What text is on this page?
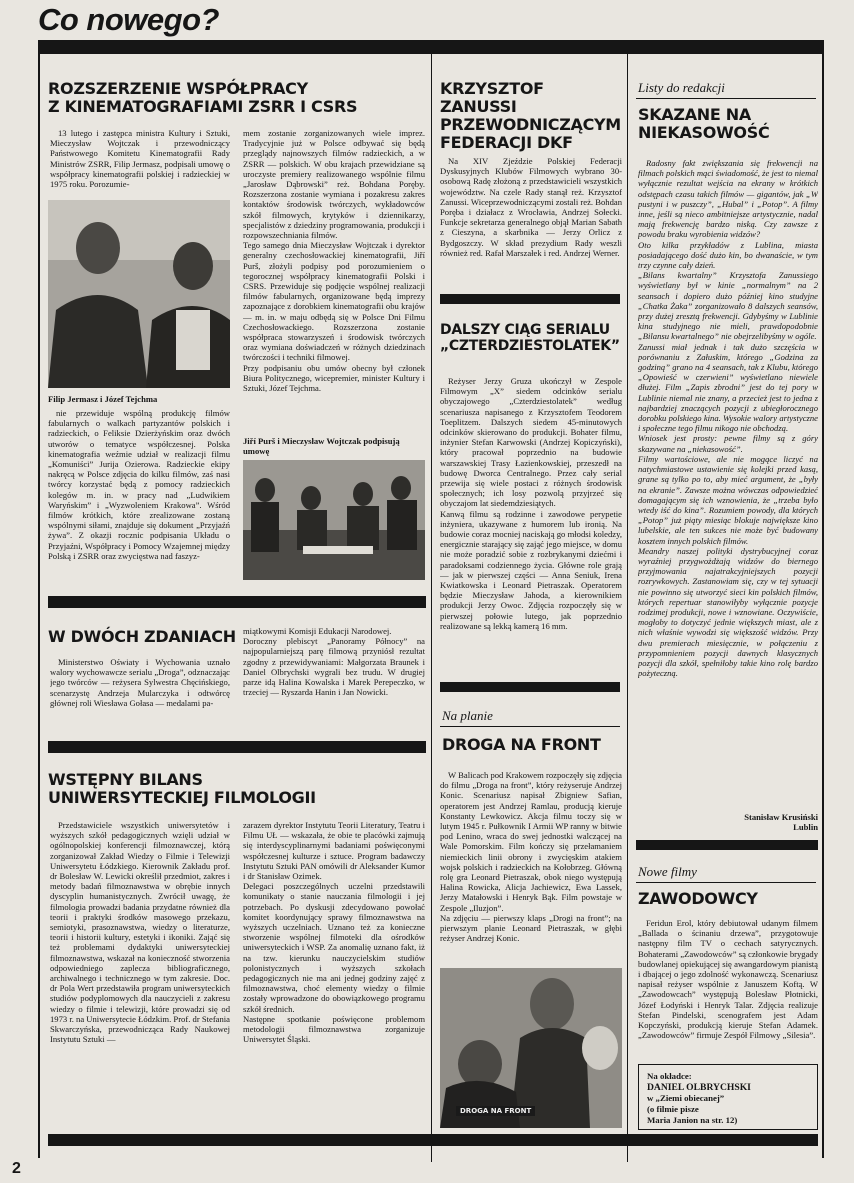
Co nowego?
ROZSZERZENIE WSPÓŁPRACY
Z KINEMATOGRAFIAMI ZSRR I CSRS

13 lutego i zastępca ministra Kultury i Sztuki, Mieczysław Wojtczak i przewodniczący Państwowego Komitetu Kinematografii Rady Ministrów ZSRR, Filip Jermasz, podpisali umowę o współpracy kinematografii polskiej i radzieckiej w 1975 roku. Porozumie-

Filip Jermasz i Józef Tejchma

nie przewiduje wspólną produkcję filmów fabularnych o walkach partyzantów polskich i radzieckich, o Feliksie Dzierżyńskim oraz dwóch utworów o tematyce współczesnej. Polska kinematografia weźmie udział w realizacji filmu „Komuniści” Jurija Ozierowa. Radzieckie ekipy nakręcą w Polsce zdjęcia do kilku filmów, zaś nasi twórcy korzystać będą z pomocy radzieckich kolegów m. in. w pracy nad „Ludwikiem Waryńskim” i „Wyzwoleniem Krakowa”. Wśród filmów krótkich, które zrealizowane zostaną wspólnymi siłami, znajduje się dokument „Przyjaźń żywa”. Z okazji rocznic podpisania Układu o Przyjaźni, Współpracy i Pomocy Wzajemnej między Polską i ZSRR oraz zwycięstwa nad faszyz-

mem zostanie zorganizowanych wiele imprez. Tradycyjnie już w Polsce odbywać się będą przeglądy najnowszych filmów radzieckich, a w ZSRR — polskich. W obu krajach przewidziane są uroczyste premiery realizowanego wspólnie filmu „Jarosław Dąbrowski” reż. Bohdana Poręby. Rozszerzona zostanie wymiana i pozakresu zakres kontaktów środowisk twórczych, wykładowców szkół filmowych, krytyków i dziennikarzy, specjalistów z dziedziny programowania, produkcji i rozpowszechniania filmów.
Tego samego dnia Mieczysław Wojtczak i dyrektor generalny czechosłowackiej kinematografii, Jiří Purš, złożyli podpisy pod porozumieniem o tegorocznej współpracy kinematografii Polski i CSRS. Przewiduje się podjęcie wspólnej realizacji filmów fabularnych, organizowane będą imprezy zapoznające z dorobkiem kinematografii obu krajów — m. in. w maju odbędą się w Polsce Dni Filmu Czechosłowackiego. Rozszerzona zostanie współpraca stowarzyszeń i środowisk twórczych oraz wymiana doświadczeń w różnych dziedzinach twórczości i techniki filmowej.
Przy podpisaniu obu umów obecny był członek Biura Politycznego, wicepremier, minister Kultury i Sztuki, Józef Tejchma.

Jiří Purš i Mieczysław Wojtczak podpisują umowę
W DWÓCH ZDANIACH

Ministerstwo Oświaty i Wychowania uznało walory wychowawcze serialu „Droga”, odznaczając jego twórców — reżysera Sylwestra Chęcińskiego, scenarzystę Andrzeja Mularczyka i odtwórcę głównej roli Wiesława Gołasa — medalami pa-

miątkowymi Komisji Edukacji Narodowej.
Doroczny plebiscyt „Panoramy Północy” na najpopularniejszą parę filmową przyniósł rezultat zgodny z przewidywaniami: Małgorzata Braunek i Daniel Olbrychski wygrali bez trudu. W drugiej parze idą Halina Kowalska i Marek Perepeczko, w trzeciej — Ryszarda Hanin i Jan Nowicki.

WSTĘPNY BILANS
UNIWERSYTECKIEJ FILMOLOGII

Przedstawiciele wszystkich uniwersytetów i wyższych szkół pedagogicznych wzięli udział w ogólnopolskiej konferencji filmoznawczej, którą zorganizował Zakład Wiedzy o Filmie i Telewizji Uniwersytetu Łódzkiego. Kierownik Zakładu prof. dr Bolesław W. Lewicki określił przedmiot, zakres i metody badań filmoznawstwa w obrębie innych dyscyplin humanistycznych. Zwrócił uwagę, że filmologia prowadzi badania przydatne również dla teorii i praktyki środków masowego przekazu, semiotyki, prasoznawstwa, wiedzy o literaturze, teorii i historii kultury, estetyki i ikoniki. Zająć się też problemami dydaktyki uniwersyteckiej filmoznawstwa, wskazał na konieczność stworzenia odpowiedniego zaplecza bibliograficznego, archiwalnego i technicznego w tym zakresie. Doc. dr Pola Wert przedstawiła program uniwersyteckich studiów podyplomowych dla nauczycieli z zakresu wiedzy o filmie i telewizji, które prowadzi się od 1973 r. na Uniwersytecie Łódzkim. Prof. dr Stefania Skwarczyńska, przewodnicząca Rady Naukowej Instytutu Sztuki —

zarazem dyrektor Instytutu Teorii Literatury, Teatru i Filmu UŁ — wskazała, że obie te placówki zajmują się interdyscyplinarnymi badaniami poświęconymi współczesnej kulturze i sztuce. Program badawczy Instytutu Sztuki PAN omówili dr Aleksander Kumor i dr Stanisław Ozimek.
Delegaci poszczególnych uczelni przedstawili komunikaty o stanie nauczania filmologii i jej potrzebach. Po dyskusji zdecydowano powołać komitet koordynujący sprawy filmoznawstwa na wyższych uczelniach. Uznano też za konieczne stworzenie wspólnej filmoteki dla ośrodków uniwersyteckich i WSP. Za anomalię uznano fakt, iż na tzw. kierunku nauczycielskim studiów polonistycznych i wyższych szkołach pedagogicznych nie ma ani jednej godziny zajęć z filmoznawstwa, choć elementy wiedzy o filmie zostały wprowadzone do obowiązkowego programu szkół średnich.
Następne spotkanie poświęcone problemom metodologii filmoznawstwa zorganizuje Uniwersytet Śląski.

KRZYSZTOF ZANUSSI PRZEWODNICZĄCYM FEDERACJI DKF

Na XIV Zjeździe Polskiej Federacji Dyskusyjnych Klubów Filmowych wybrano 30-osobową Radę złożoną z przedstawicieli wszystkich województw. Na czele Rady stanął reż. Krzysztof Zanussi. Wiceprzewodniczącymi zostali reż. Bohdan Poręba i działacz z Wrocławia, Andrzej Sołecki. Funkcje sekretarza generalnego objął Marian Sabath z Cieszyna, a skarbnika — Jerzy Orlicz z Bydgoszczy. W skład prezydium Rady weszli również red. Rafał Marszałek i red. Andrzej Werner.

DALSZY CIĄG SERIALU „CZTERDZIESTOLATEK”

Reżyser Jerzy Gruza ukończył w Zespole Filmowym „X” siedem odcinków serialu obyczajowego „Czterdziestolatek” według scenariusza napisanego z Krzysztofem Teodorem Toeplitzem. Dalszych siedem 45-minutowych odcinków skierowano do produkcji. Bohater filmu, inżynier Stefan Karwowski (Andrzej Kopiczyński), który pracował poprzednio na budowie warszawskiej Trasy Łazienkowskiej, przeszedł na budowę Dworca Centralnego. Przez cały serial przewija się wiele postaci z różnych środowisk społecznych; ich losy pozwolą przyjrzeć się obyczajom lat siedemdziesiątych.
Kanwą filmu są rodzinne i zawodowe perypetie inżyniera, ukazywane z humorem lub ironią. Na budowie coraz mocniej naciskają go młodsi koledzy, energicznie starający się zająć jego miejsce, w domu nie może poradzić sobie z rozbrykanymi dziećmi i paradoksami codziennego życia. Główne role grają — jak w pierwszej części — Anna Seniuk, Irena Kwiatkowska i Leonard Pietraszak. Operatorem będzie Mieczysław Jahoda, a kierownikiem produkcji Jerzy Owoc. Zdjęcia rozpoczęły się w pierwszej połowie lutego, jak poprzednio realizowane są lekką kamerą 16 mm.

Na planie
DROGA NA FRONT

W Balicach pod Krakowem rozpoczęły się zdjęcia do filmu „Droga na front”, który reżyseruje Andrzej Konic. Scenariusz napisał Zbigniew Safian, operatorem jest Andrzej Ramlau, producją kieruje Konstanty Lewkowicz. Akcja filmu toczy się w lutym 1945 r. Pułkownik I Armii WP ranny w bitwie pod Lenino, wraca do swej jednostki walczącej na Wale Pomorskim. Film kończy się przełamaniem niemieckich linii obrony i zwycięskim atakiem wojsk polskich i radzieckich na Kołobrzeg. Główną rolę gra Leonard Pietraszak, obok niego występują Halina Rowicka, Alicja Jachiewicz, Ewa Lassek, Jerzy Matałowski i Henryk Bąk. Film powstaje w Zespole „Iluzjon”.
Na zdjęciu — pierwszy klaps „Drogi na front”; na pierwszym planie Leonard Pietraszak, w głębi reżyser Andrzej Konic.

DROGA NA FRONT
Listy do redakcji
SKAZANE NA NIEKASOWOŚĆ

Radosny fakt zwiększania się frekwencji na filmach polskich mąci świadomość, że jest to niemal wyłącznie rezultat wejścia na ekrany w krótkich odstępach czasu takich filmów — gigantów, jak „W pustyni i w puszczy”, „Hubal” i „Potop”. A filmy inne, jeśli są nieco ambitniejsze artystycznie, nadal mają frekwencję bardzo niską. Czy zawsze z powodu braku wyrobienia widzów?
Oto kilka przykładów z Lublina, miasta posiadającego dość dużo kin, bo dwanaście, w tym trzy czynne cały dzień.
„Bilans kwartalny” Krzysztofa Zanussiego wyświetlany był w kinie „normalnym” na 2 seansach i dopiero dużo później kino studyjne „Chatka Żaka” zorganizowało 8 dalszych seansów, przy dużej zresztą frekwencji. Gdybyśmy w Lublinie kina studyjnego nie mieli, prawdopodobnie „Bilansu kwartalnego” nie obejrzelibyśmy w ogóle.
Zanussi miał jednak i tak dużo szczęścia w porównaniu z Załuskim, którego „Godzina za godziną” grano na 4 seansach, tak z Klubu, którego „Opowieść w czerwieni” wyświetlano niewiele dłużej. Film „Zapis zbrodni” jest do tej pory w Lublinie niemal nie znany, a przecież jest to jedna z najbardziej znaczących pozycji z ubiegłorocznego dorobku polskiego kina. Wysokie walory artystyczne i społeczne tego filmu nikogo nie obchodzą.
Wniosek jest prosty: pewne filmy są z góry skazywane na „niekasowość”.
Filmy wartościowe, ale nie mogące liczyć na natychmiastowe ustawienie się kolejki przed kasą, grane są tylko po to, aby mieć argument, że „były na ekranie”. Zawsze można wówczas odpowiedzieć domagającym się ich wznowienia, że „trzeba było wtedy iść do kina”. Rozumiem powody, dla których „Potop” już piąty miesiąc blokuje największe kino lubelskie, ale ten sukces nie może być budowany kosztem innych polskich filmów.
Meandry naszej polityki dystrybucyjnej coraz wyraźniej przygwożdżają widzów do biernego przyjmowania najatrakcyjniejszych pozycji rozrywkowych. Zastanowiam się, czy w tej sytuacji nie powinno się utworzyć sieci kin polskich filmów, których repertuar stanowiłyby wyłącznie pozycje rodzimej produkcji, nowe i wznowiane. Oczywiście, mogłoby to dotyczyć jednie większych miast, ale z nich właśnie wywodzi się większość widzów. Przy dwu premierach miesięcznie, w połączeniu z przypomnieniem pozycji dawnych klasycznych pozycji dla szkół, spełniłoby takie kino rolę bardzo pożyteczną.

Stanisław Krusiński
Lublin
Nowe filmy
ZAWODOWCY

Feridun Erol, który debiutował udanym filmem „Ballada o ścinaniu drzewa”, przygotowuje następny film TV o cechach satyrycznych. Bohaterami „Zawodowców” są członkowie brygady budowlanej opiekującej się awangardowym pianistą i dbającej o jego zdolność wykonawczą. Scenariusz napisał reżyser wspólnie z Januszem Koftą. W „Zawodowcach” występują Bolesław Płotnicki, Józef Łodyński i Henryk Talar. Zdjęcia realizuje Stefan Pindelski, scenografem jest Adam Kopczyński, produkcją kieruje Stefan Adamek. „Zawodowców” firmuje Zespół Filmowy „Silesia”.

Na okładce:
DANIEL OLBRYCHSKI
w „Ziemi obiecanej”
(o filmie pisze
Maria Janion na str. 12)
2
